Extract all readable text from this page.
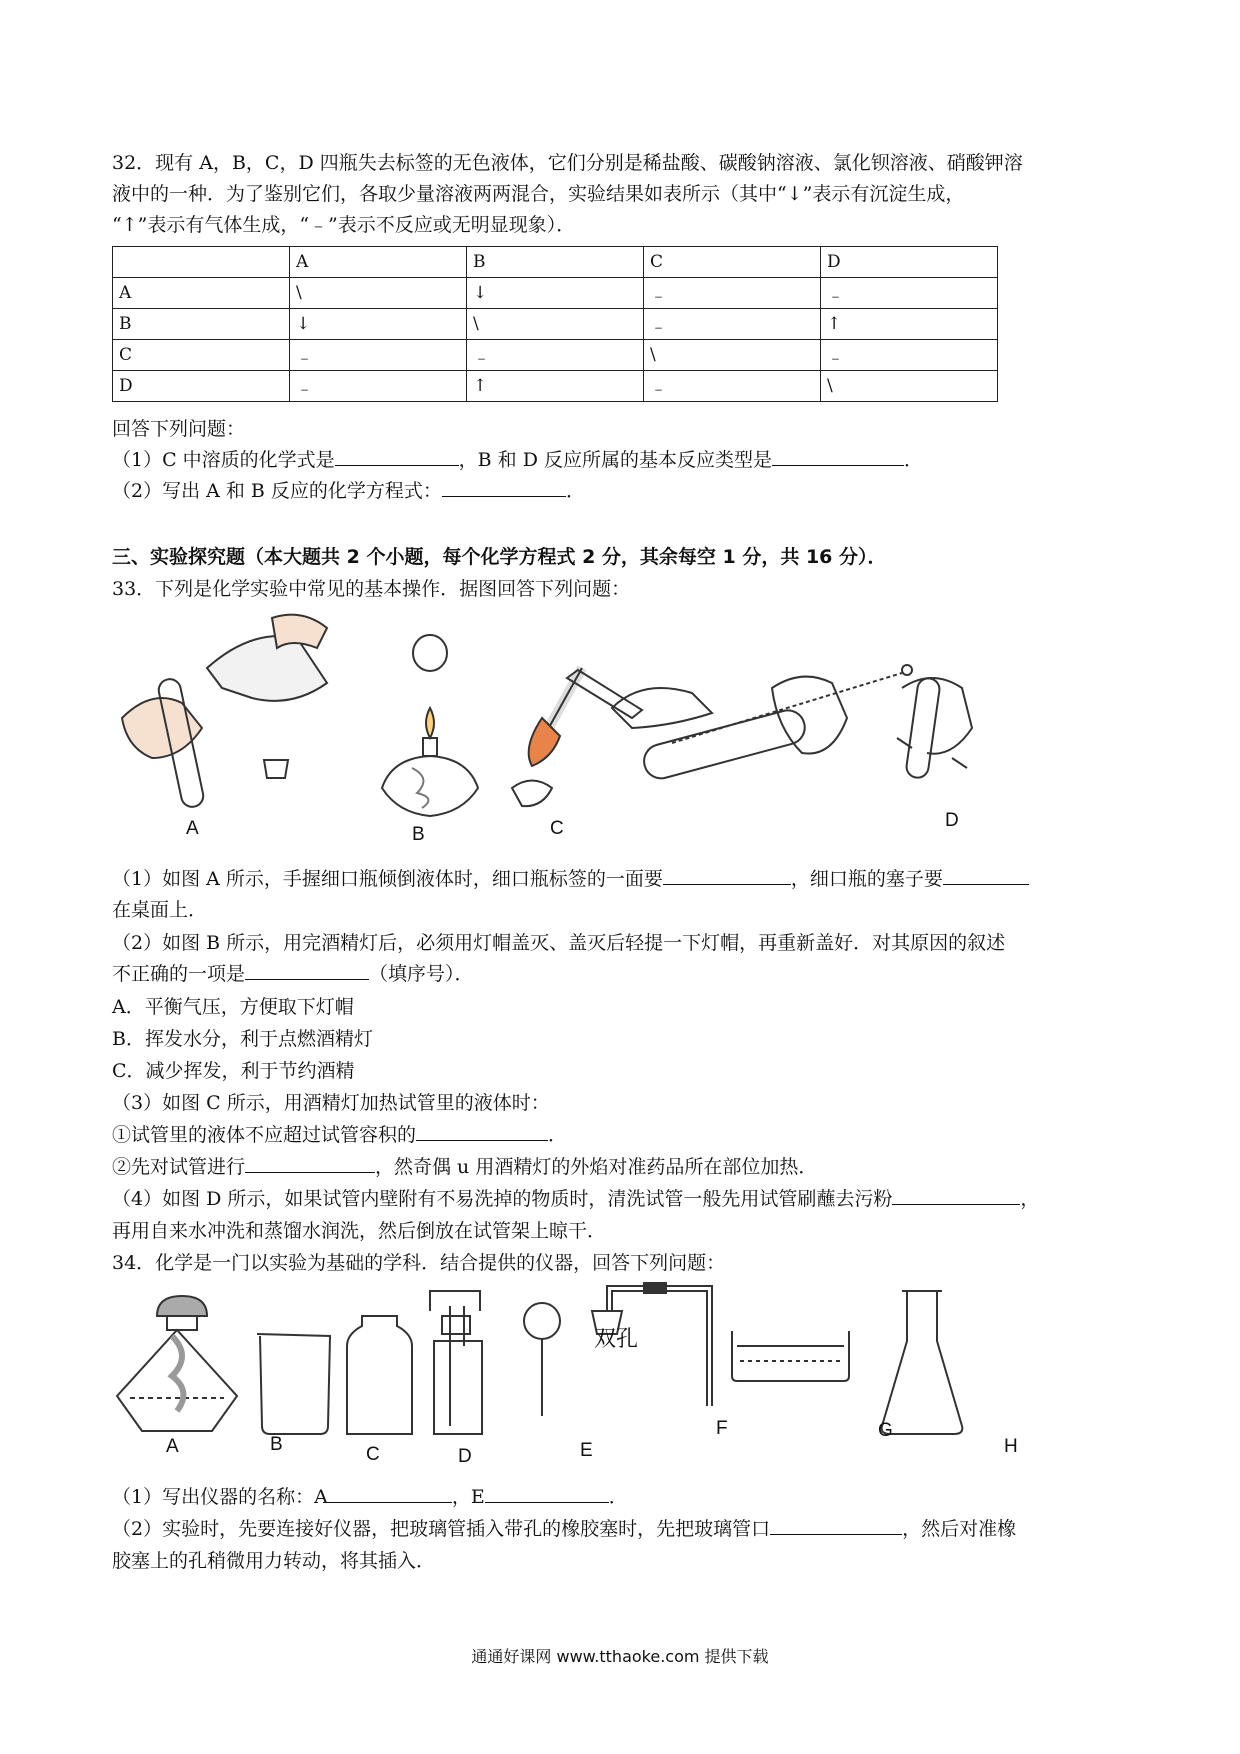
32．现有 A，B，C，D 四瓶失去标签的无色液体，它们分别是稀盐酸、碳酸钠溶液、氯化钡溶液、硝酸钾溶
液中的一种．为了鉴别它们，各取少量溶液两两混合，实验结果如表所示（其中“↓”表示有沉淀生成，
“↑”表示有气体生成，“﹣”表示不反应或无明显现象）．
	A	B	C	D
A	\	↓	﹣	﹣
B	↓	\	﹣	↑
C	﹣	﹣	\	﹣
D	﹣	↑	﹣	\
回答下列问题：
（1）C 中溶质的化学式是	，B 和 D 反应所属的基本反应类型是	．
（2）写出 A 和 B 反应的化学方程式：	．
三、实验探究题（本大题共 2 个小题，每个化学方程式 2 分，其余每空 1 分，共 16 分）．
33．下列是化学实验中常见的基本操作．据图回答下列问题：
A	B	C	D
（1）如图 A 所示，手握细口瓶倾倒液体时，细口瓶标签的一面要	，细口瓶的塞子要
在桌面上．
（2）如图 B 所示，用完酒精灯后，必须用灯帽盖灭、盖灭后轻提一下灯帽，再重新盖好．对其原因的叙述
不正确的一项是	（填序号）．
A．平衡气压，方便取下灯帽
B．挥发水分，利于点燃酒精灯
C．减少挥发，利于节约酒精
（3）如图 C 所示，用酒精灯加热试管里的液体时：
①试管里的液体不应超过试管容积的	．
②先对试管进行	，然奇偶 u 用酒精灯的外焰对准药品所在部位加热．
（4）如图 D 所示，如果试管内壁附有不易洗掉的物质时，清洗试管一般先用试管刷蘸去污粉	，
再用自来水冲洗和蒸馏水润洗，然后倒放在试管架上晾干．
34．化学是一门以实验为基础的学科．结合提供的仪器，回答下列问题：
双孔
A	B	C	D	E
F	G
H
（1）写出仪器的名称：A	，E	．
（2）实验时，先要连接好仪器，把玻璃管插入带孔的橡胶塞时，先把玻璃管口	，然后对准橡
胶塞上的孔稍微用力转动，将其插入．
通通好课网 www.tthaoke.com 提供下载
